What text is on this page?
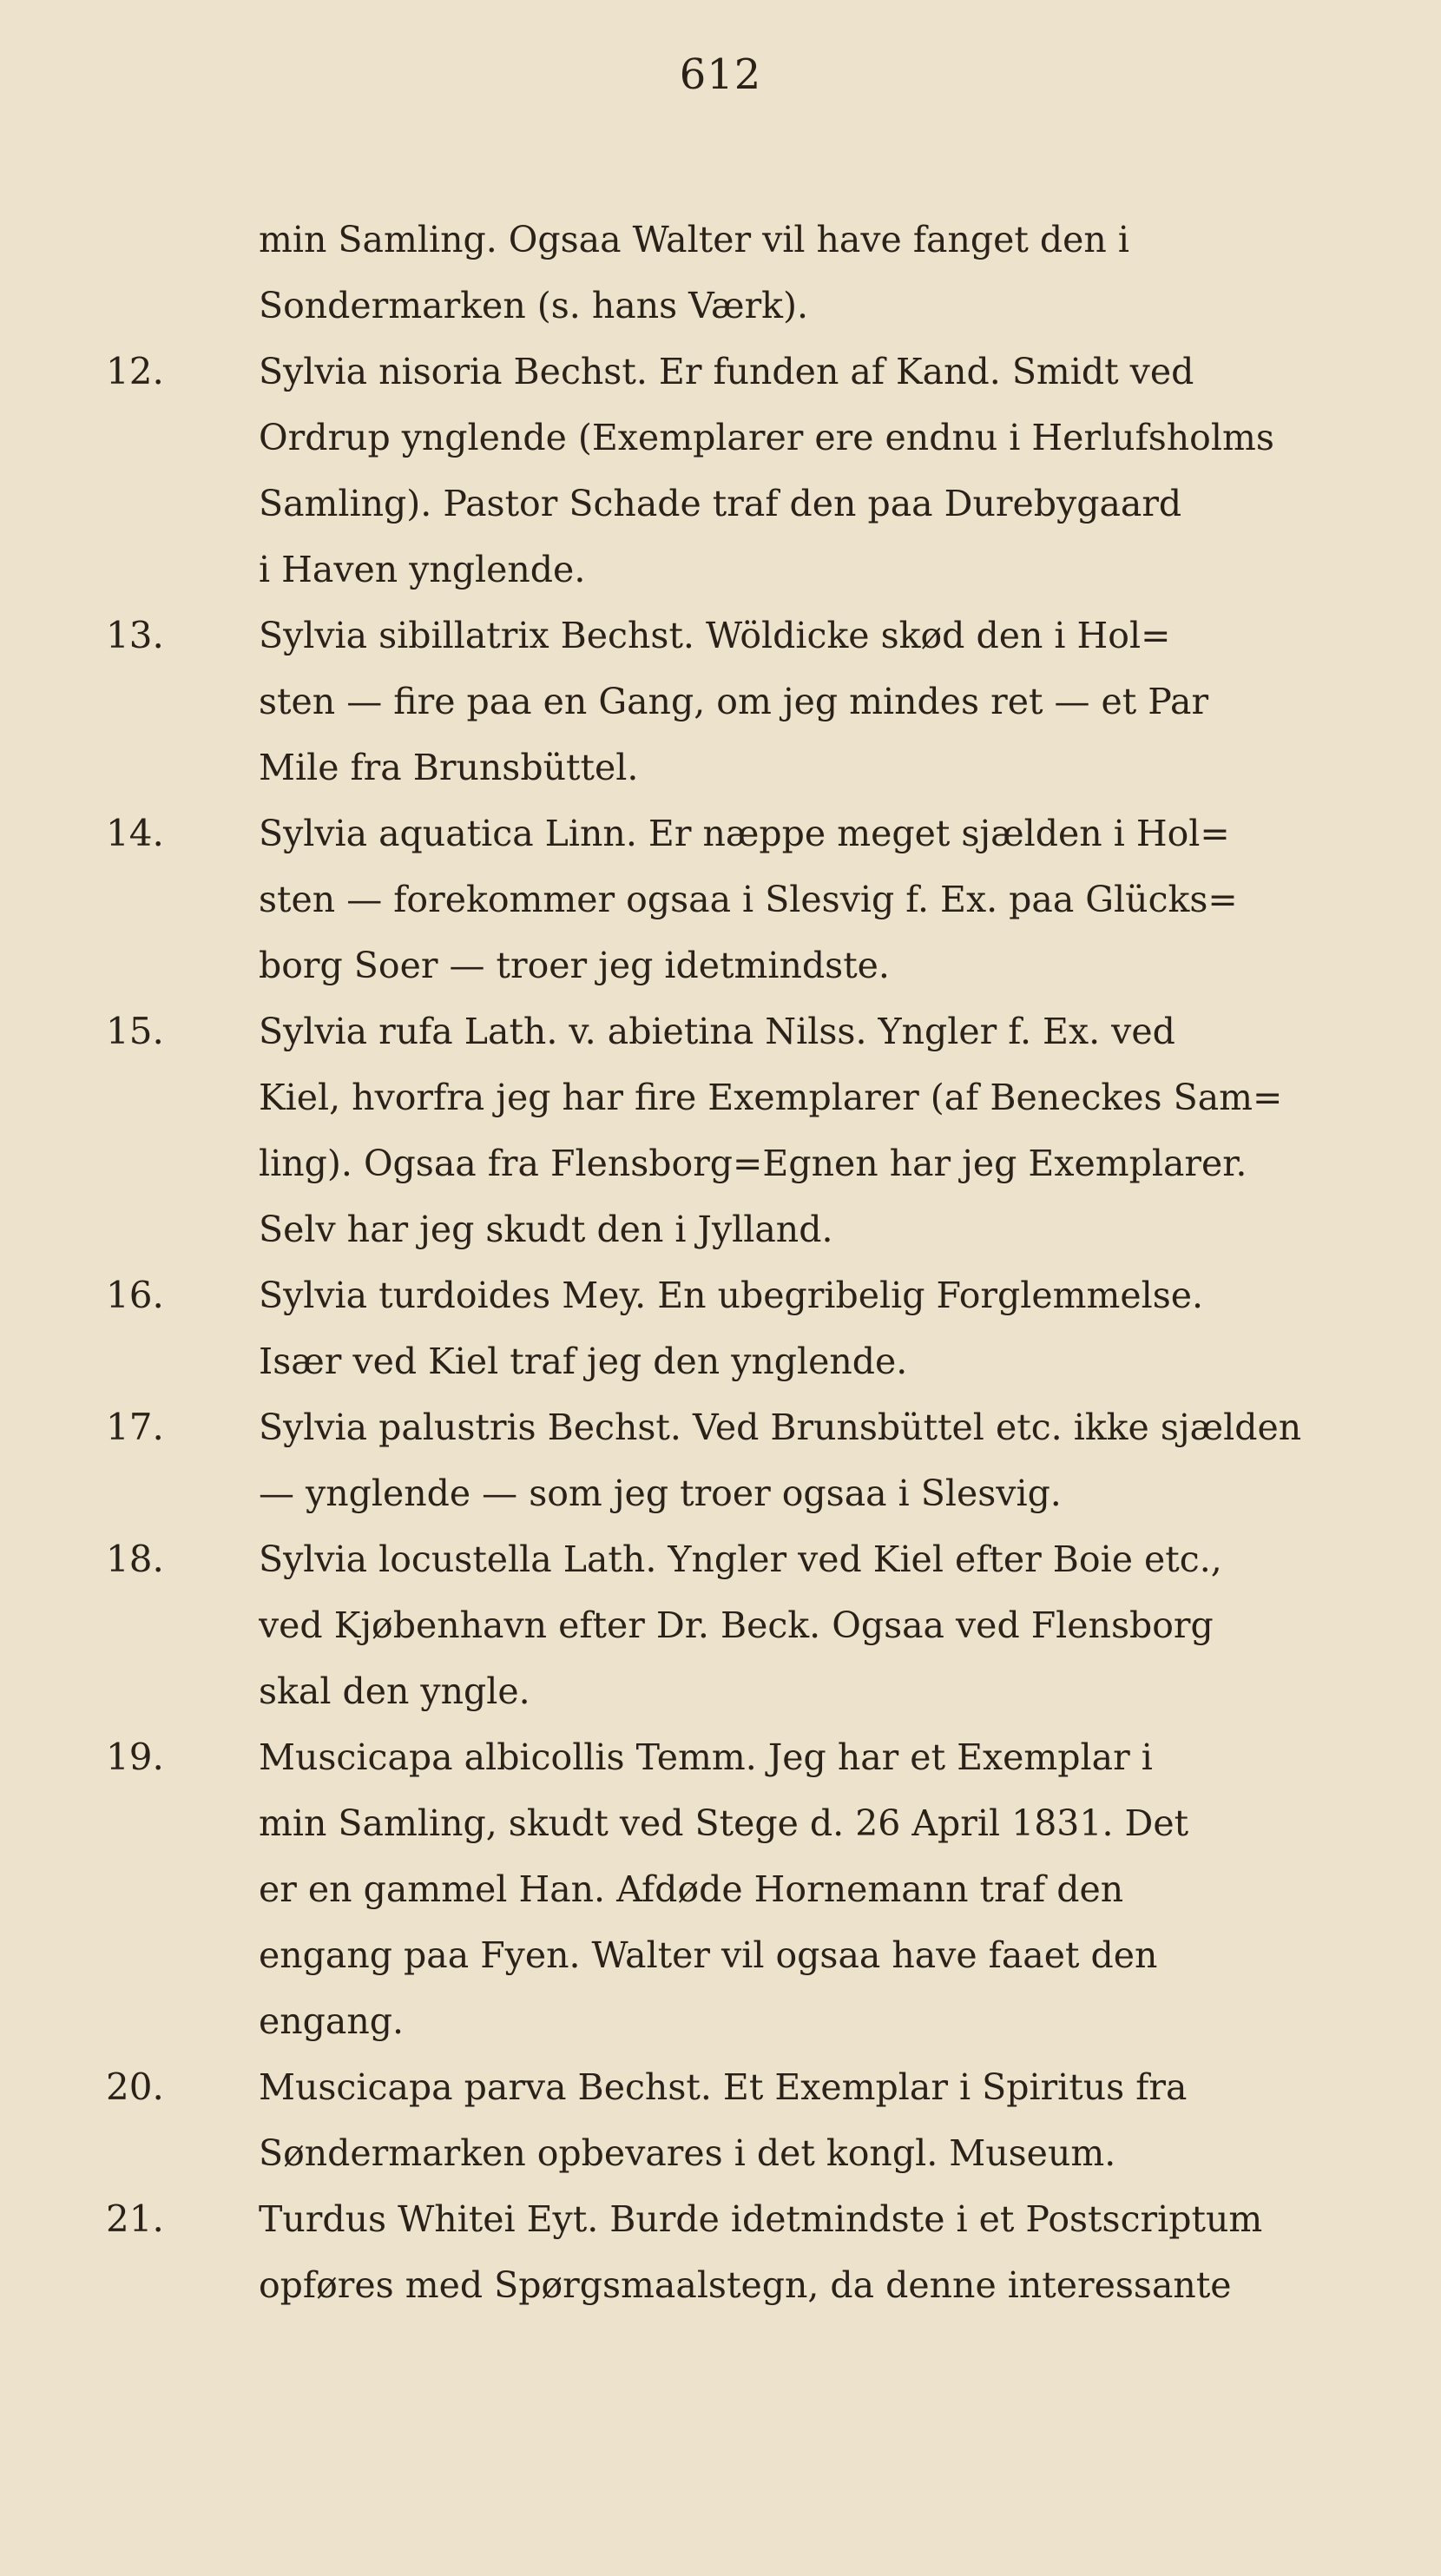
612
min Samling. Ogsaa Walter vil have fanget den i
Sondermarken (s. hans Værk).
12.	Sylvia nisoria Bechst. Er funden af Kand. Smidt ved
Ordrup ynglende (Exemplarer ere endnu i Herlufsholms
Samling). Pastor Schade traf den paa Durebygaard
i Haven ynglende.
13.	Sylvia sibillatrix Bechst. Wöldicke skød den i Hol=
sten — fire paa en Gang, om jeg mindes ret — et Par
Mile fra Brunsbüttel.
14.	Sylvia aquatica Linn. Er næppe meget sjælden i Hol=
sten — forekommer ogsaa i Slesvig f. Ex. paa Glücks=
borg Soer — troer jeg idetmindste.
15.	Sylvia rufa Lath. v. abietina Nilss. Yngler f. Ex. ved
Kiel, hvorfra jeg har fire Exemplarer (af Beneckes Sam=
ling). Ogsaa fra Flensborg=Egnen har jeg Exemplarer.
Selv har jeg skudt den i Jylland.
16.	Sylvia turdoides Mey. En ubegribelig Forglemmelse.
Især ved Kiel traf jeg den ynglende.
17.	Sylvia palustris Bechst. Ved Brunsbüttel etc. ikke sjælden
— ynglende — som jeg troer ogsaa i Slesvig.
18.	Sylvia locustella Lath. Yngler ved Kiel efter Boie etc.,
ved Kjøbenhavn efter Dr. Beck. Ogsaa ved Flensborg
skal den yngle.
19.	Muscicapa albicollis Temm. Jeg har et Exemplar i
min Samling, skudt ved Stege d. 26 April 1831. Det
er en gammel Han. Afdøde Hornemann traf den
engang paa Fyen. Walter vil ogsaa have faaet den
engang.
20.	Muscicapa parva Bechst. Et Exemplar i Spiritus fra
Søndermarken opbevares i det kongl. Museum.
21.	Turdus Whitei Eyt. Burde idetmindste i et Postscriptum
opføres med Spørgsmaalstegn, da denne interessante
